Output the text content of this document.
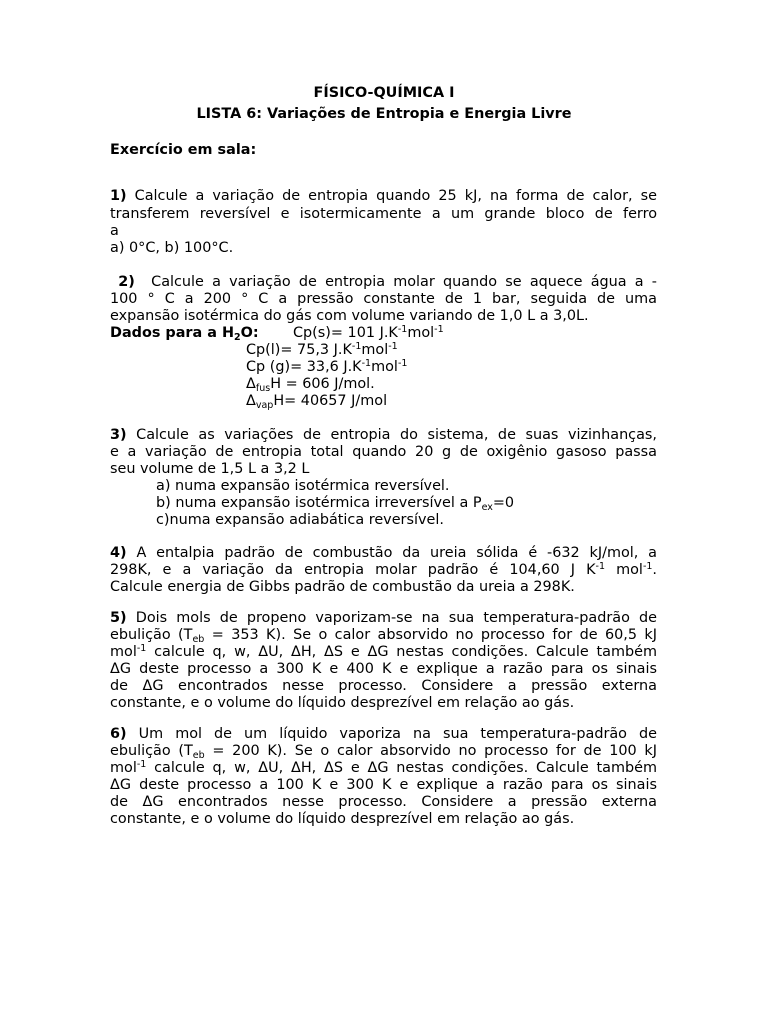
FÍSICO-QUÍMICA I
LISTA 6: Variações de Entropia e Energia Livre
Exercício em sala:
1) Calcule a variação de entropia quando 25 kJ, na forma de calor, se
transferem reversível e isotermicamente a um grande bloco de ferro
a
a) 0°C, b) 100°C.
2) Calcule a variação de entropia molar quando se aquece água a -
100 ° C a 200 ° C a pressão constante de 1 bar, seguida de uma
expansão isotérmica do gás com volume variando de 1,0 L a 3,0L.
Dados para a $H_2O$:	Cp(s)= 101 $J.K^{-1}mol^{-1}$
Cp(l)= 75,3 $J.K^{-1}mol^{-1}$
Cp (g)= 33,6 $J.K^{-1}mol^{-1}$
$\Delta_{fus}H = 606$ J/mol.
$\Delta_{vap}H= 40657$ J/mol
3) Calcule as variações de entropia do sistema, de suas vizinhanças,
e a variação de entropia total quando 20 g de oxigênio gasoso passa
seu volume de 1,5 L a 3,2 L
a) numa expansão isotérmica reversível.
b) numa expansão isotérmica irreversível a $P_{ex}=0$
c)numa expansão adiabática reversível.
4) A entalpia padrão de combustão da ureia sólida é -632 kJ/mol, a
298K, e a variação da entropia molar padrão é 104,60 J $K^{-1}$ mol$^{-1}$.
Calcule energia de Gibbs padrão de combustão da ureia a 298K.
5) Dois mols de propeno vaporizam-se na sua temperatura-padrão de
ebulição ($T_{eb} = 353$ K). Se o calor absorvido no processo for de 60,5 kJ
mol$^{-1}$ calcule q, w, ΔU, ΔH, ΔS e ΔG nestas condições. Calcule também
ΔG deste processo a 300 K e 400 K e explique a razão para os sinais
de ΔG encontrados nesse processo. Considere a pressão externa
constante, e o volume do líquido desprezível em relação ao gás.
6) Um mol de um líquido vaporiza na sua temperatura-padrão de
ebulição ($T_{eb} = 200$ K). Se o calor absorvido no processo for de 100 kJ
mol$^{-1}$ calcule q, w, ΔU, ΔH, ΔS e ΔG nestas condições. Calcule também
ΔG deste processo a 100 K e 300 K e explique a razão para os sinais
de ΔG encontrados nesse processo. Considere a pressão externa
constante, e o volume do líquido desprezível em relação ao gás.
